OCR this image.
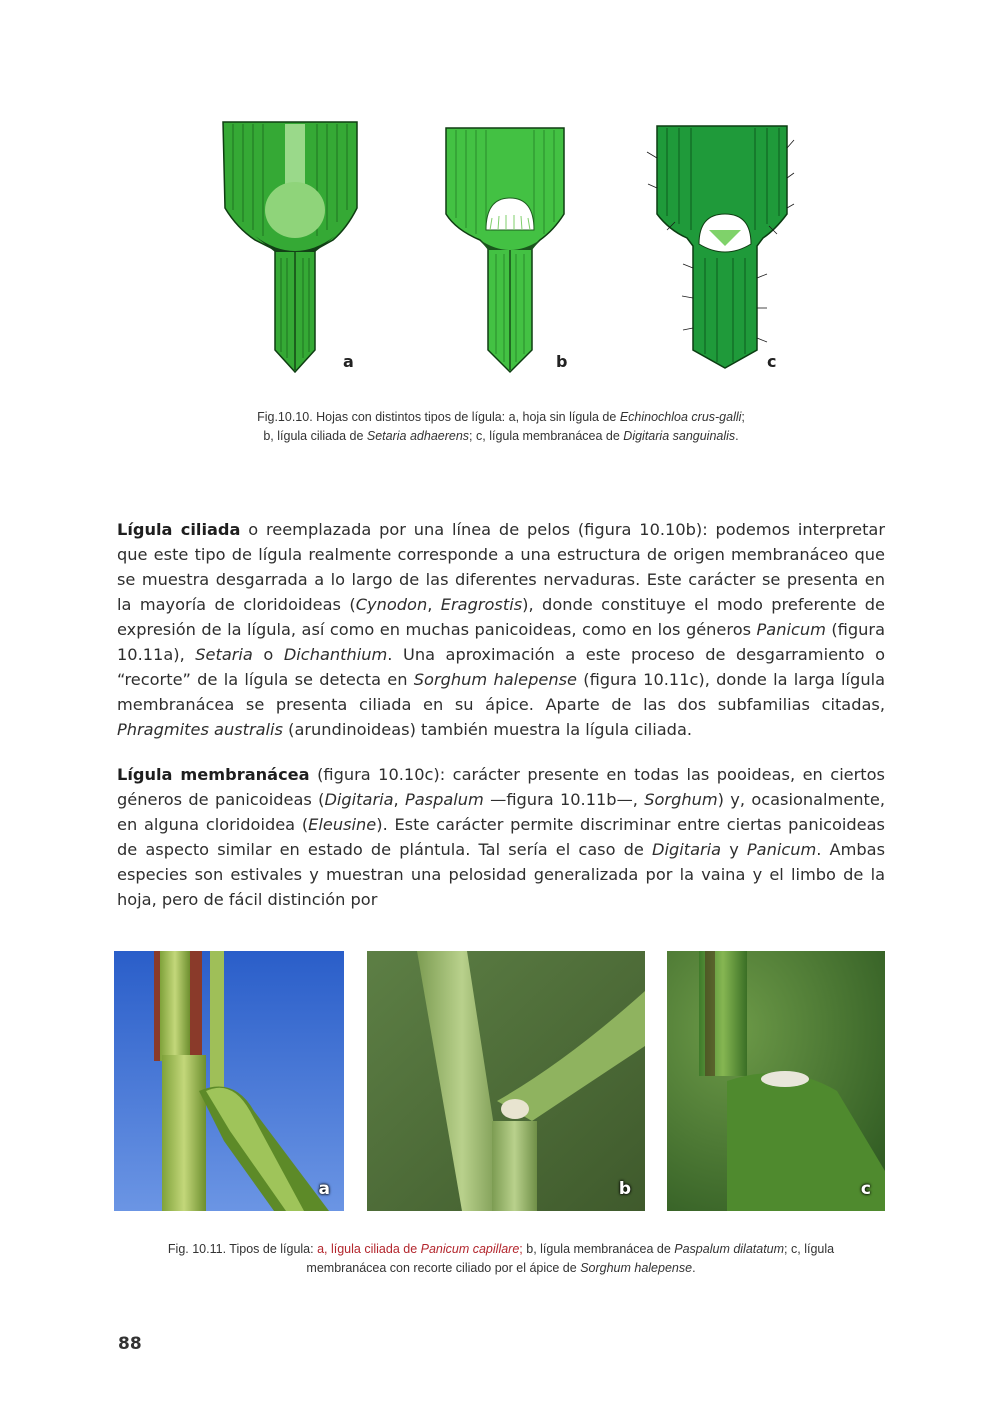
a	b	c
Fig.10.10. Hojas con distintos tipos de lígula: a, hoja sin lígula de Echinochloa crus-galli;
b, lígula ciliada de Setaria adhaerens; c, lígula membranácea de Digitaria sanguinalis.

Lígula ciliada o reemplazada por una línea de pelos (figura 10.10b): podemos interpretar que este tipo de lígula realmente corresponde a una estructura de origen membranáceo que se muestra desgarrada a lo largo de las diferentes nervaduras. Este carácter se presenta en la mayoría de cloridoideas (Cynodon, Eragrostis), donde constituye el modo preferente de expresión de la lígula, así como en muchas panicoideas, como en los géneros Panicum (figura 10.11a), Setaria o Dichanthium. Una aproximación a este proceso de desgarramiento o “recorte” de la lígula se detecta en Sorghum halepense (figura 10.11c), donde la larga lígula membranácea se presenta ciliada en su ápice. Aparte de las dos subfamilias citadas, Phragmites australis (arundinoideas) también muestra la lígula ciliada.

Lígula membranácea (figura 10.10c): carácter presente en todas las pooideas, en ciertos géneros de panicoideas (Digitaria, Paspalum —figura 10.11b—, Sorghum) y, ocasionalmente, en alguna cloridoidea (Eleusine). Este carácter permite discriminar entre ciertas panicoideas de aspecto similar en estado de plántula. Tal sería el caso de Digitaria y Panicum. Ambas especies son estivales y muestran una pelosidad generalizada por la vaina y el limbo de la hoja, pero de fácil distinción por

a	b	c
Fig. 10.11. Tipos de lígula: a, lígula ciliada de Panicum capillare; b, lígula membranácea de Paspalum dilatatum; c, lígula
membranácea con recorte ciliado por el ápice de Sorghum halepense.
88
